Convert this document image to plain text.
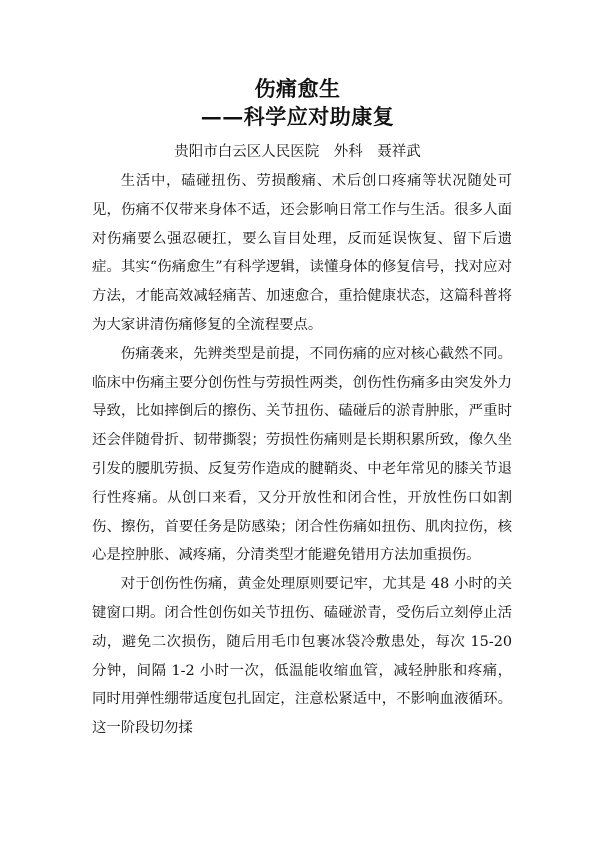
伤痛愈生
——科学应对助康复
贵阳市白云区人民医院　外科　聂祥武

生活中，磕碰扭伤、劳损酸痛、术后创口疼痛等状况随处可见，伤痛不仅带来身体不适，还会影响日常工作与生活。很多人面对伤痛要么强忍硬扛，要么盲目处理，反而延误恢复、留下后遗症。其实“伤痛愈生”有科学逻辑，读懂身体的修复信号，找对应对方法，才能高效减轻痛苦、加速愈合，重拾健康状态，这篇科普将为大家讲清伤痛修复的全流程要点。

伤痛袭来，先辨类型是前提，不同伤痛的应对核心截然不同。临床中伤痛主要分创伤性与劳损性两类，创伤性伤痛多由突发外力导致，比如摔倒后的擦伤、关节扭伤、磕碰后的淤青肿胀，严重时还会伴随骨折、韧带撕裂；劳损性伤痛则是长期积累所致，像久坐引发的腰肌劳损、反复劳作造成的腱鞘炎、中老年常见的膝关节退行性疼痛。从创口来看，又分开放性和闭合性，开放性伤口如割伤、擦伤，首要任务是防感染；闭合性伤痛如扭伤、肌肉拉伤，核心是控肿胀、减疼痛，分清类型才能避免错用方法加重损伤。

对于创伤性伤痛，黄金处理原则要记牢，尤其是 48 小时的关键窗口期。闭合性创伤如关节扭伤、磕碰淤青，受伤后立刻停止活动，避免二次损伤，随后用毛巾包裹冰袋冷敷患处，每次 15-20 分钟，间隔 1-2 小时一次，低温能收缩血管，减轻肿胀和疼痛，同时用弹性绷带适度包扎固定，注意松紧适中，不影响血液循环。这一阶段切勿揉
